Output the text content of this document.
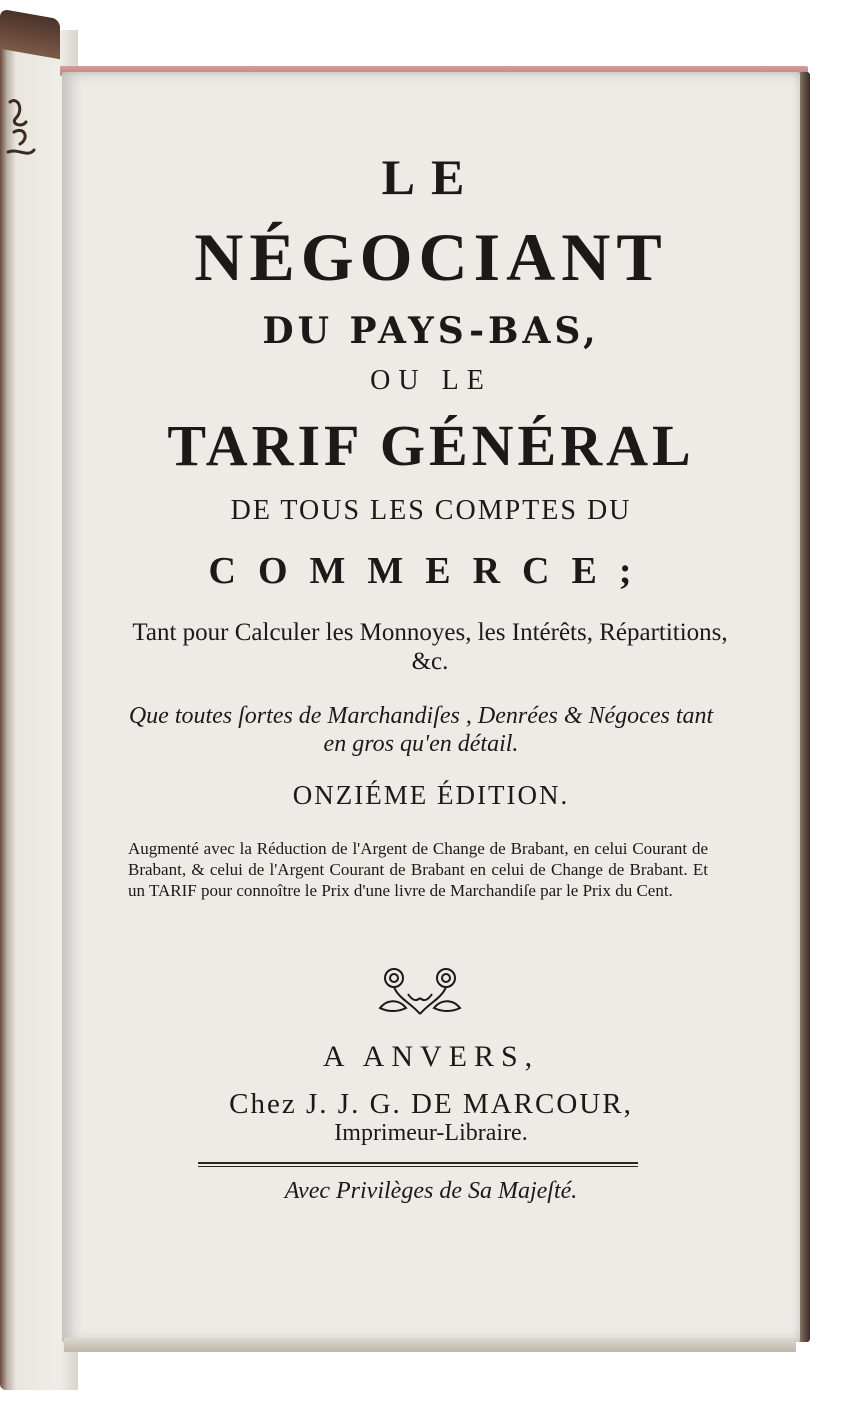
LE
NÉGOCIANT
DU PAYS-BAS,
OU LE
TARIF GÉNÉRAL
DE TOUS LES COMPTES DU
COMMERCE;
Tant pour Calculer les Monnoyes, les Intérêts, Répartitions, &c.
Que toutes ſortes de Marchandiſes , Denrées & Négoces tant en gros qu'en détail.
ONZIÉME ÉDITION.
Augmenté avec la Réduction de l'Argent de Change de Brabant, en celui Courant de Brabant, & celui de l'Argent Courant de Brabant en celui de Change de Brabant. Et un TARIF pour connoître le Prix d'une livre de Marchandiſe par le Prix du Cent.
A ANVERS,
Chez J. J. G. DE MARCOUR,
Imprimeur-Libraire.
Avec Privilèges de Sa Majeſté.
